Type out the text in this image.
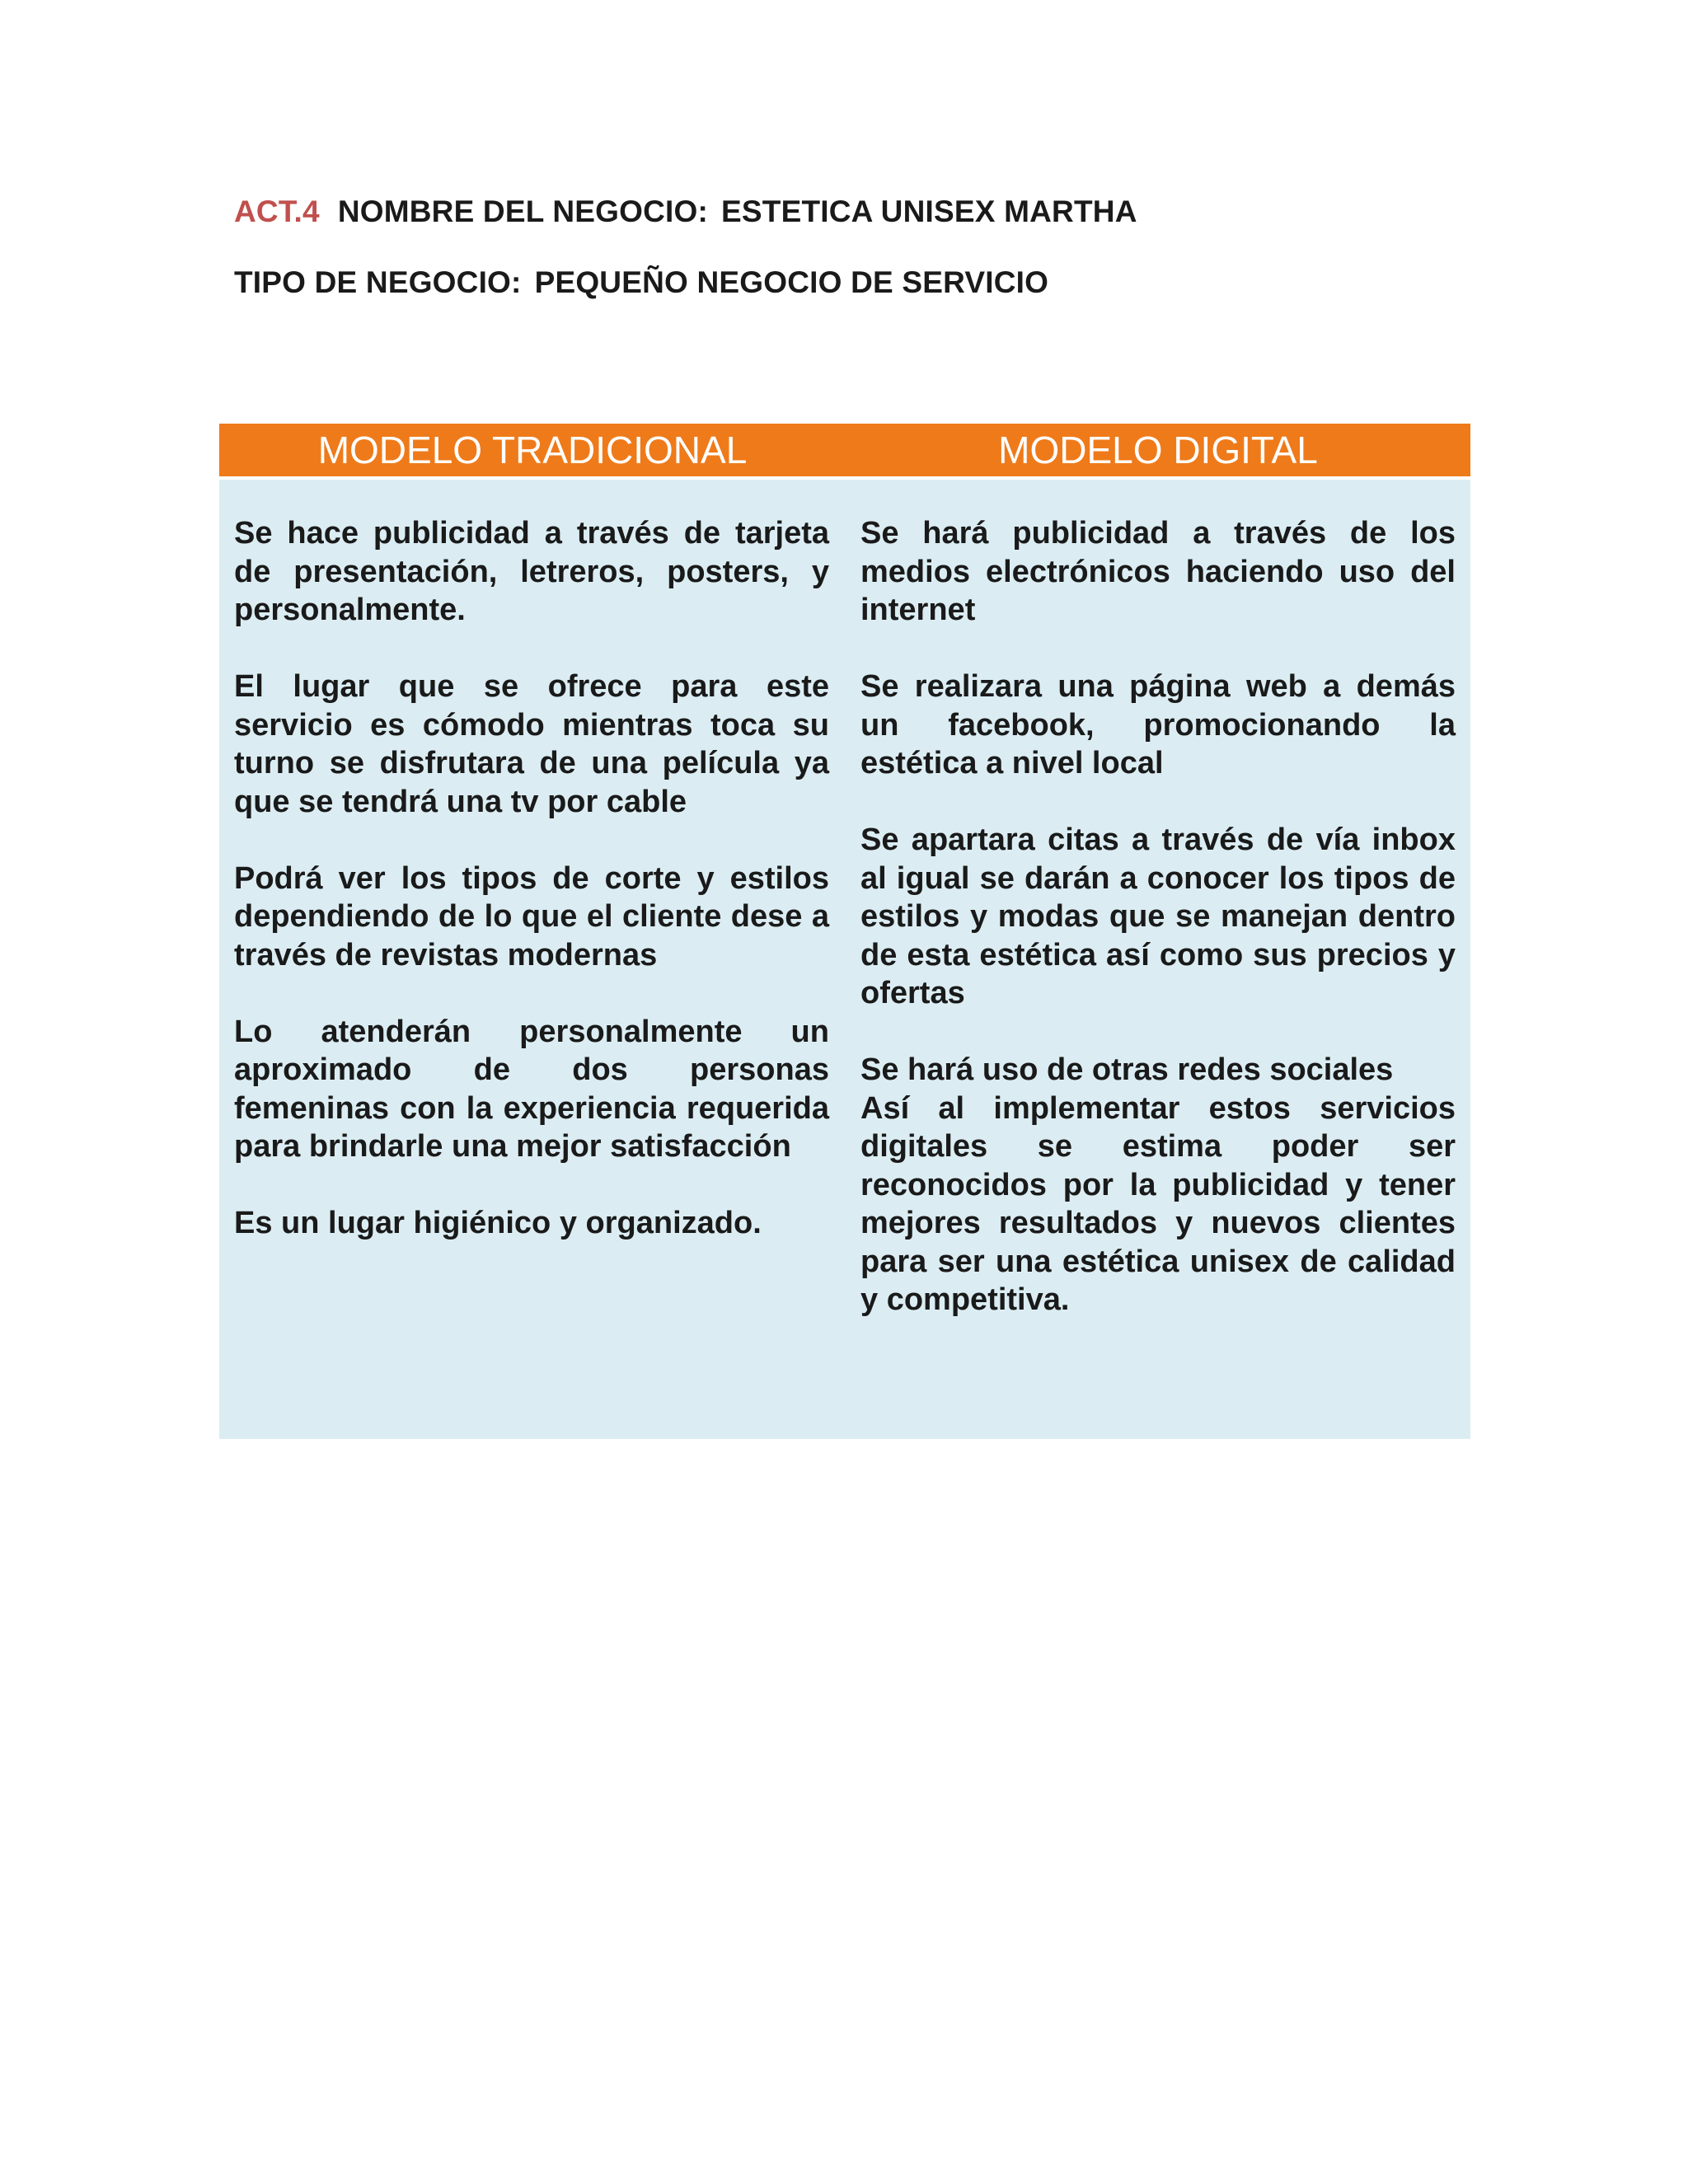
ACT.4 NOMBRE DEL NEGOCIO: ESTETICA UNISEX MARTHA
TIPO DE NEGOCIO: PEQUEÑO NEGOCIO DE SERVICIO
MODELO TRADICIONAL	MODELO DIGITAL

Se hace publicidad a través de tarjeta de presentación, letreros, posters, y personalmente.

El lugar que se ofrece para este servicio es cómodo mientras toca su turno se disfrutara de una película ya que se tendrá una tv por cable

Podrá ver los tipos de corte y estilos dependiendo de lo que el cliente dese a través de revistas modernas

Lo atenderán personalmente un aproximado de dos personas femeninas con la experiencia requerida para brindarle una mejor satisfacción

Es un lugar higiénico y organizado.

Se hará publicidad a través de los medios electrónicos haciendo uso del internet

Se realizara una página web a demás un facebook, promocionando la estética a nivel local

Se apartara citas a través de vía inbox al igual se darán a conocer los tipos de estilos y modas que se manejan dentro de esta estética así como sus precios y ofertas

Se hará uso de otras redes sociales

Así al implementar estos servicios digitales se estima poder ser reconocidos por la publicidad y tener mejores resultados y nuevos clientes para ser una estética unisex de calidad y competitiva.
